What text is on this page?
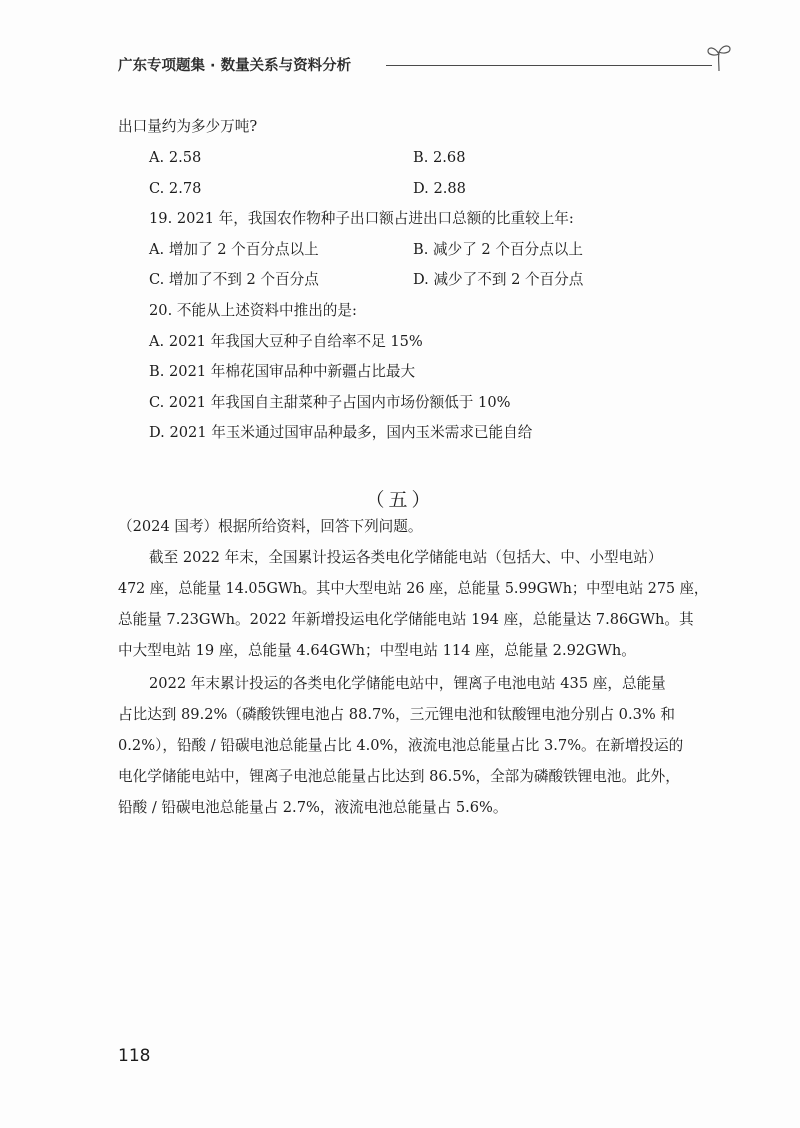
广东专项题集 · 数量关系与资料分析
出口量约为多少万吨?
A. 2.58	B. 2.68
C. 2.78	D. 2.88
19. 2021 年，我国农作物种子出口额占进出口总额的比重较上年:
A. 增加了 2 个百分点以上	B. 减少了 2 个百分点以上
C. 增加了不到 2 个百分点	D. 减少了不到 2 个百分点
20. 不能从上述资料中推出的是:
A. 2021 年我国大豆种子自给率不足 15%
B. 2021 年棉花国审品种中新疆占比最大
C. 2021 年我国自主甜菜种子占国内市场份额低于 10%
D. 2021 年玉米通过国审品种最多，国内玉米需求已能自给
（五）
（2024 国考）根据所给资料，回答下列问题。
截至 2022 年末，全国累计投运各类电化学储能电站（包括大、中、小型电站）
472 座，总能量 14.05GWh。其中大型电站 26 座，总能量 5.99GWh；中型电站 275 座，
总能量 7.23GWh。2022 年新增投运电化学储能电站 194 座，总能量达 7.86GWh。其
中大型电站 19 座，总能量 4.64GWh；中型电站 114 座，总能量 2.92GWh。
2022 年末累计投运的各类电化学储能电站中，锂离子电池电站 435 座，总能量
占比达到 89.2%（磷酸铁锂电池占 88.7%，三元锂电池和钛酸锂电池分别占 0.3% 和
0.2%），铅酸 / 铅碳电池总能量占比 4.0%，液流电池总能量占比 3.7%。在新增投运的
电化学储能电站中，锂离子电池总能量占比达到 86.5%，全部为磷酸铁锂电池。此外，
铅酸 / 铅碳电池总能量占 2.7%，液流电池总能量占 5.6%。
118
